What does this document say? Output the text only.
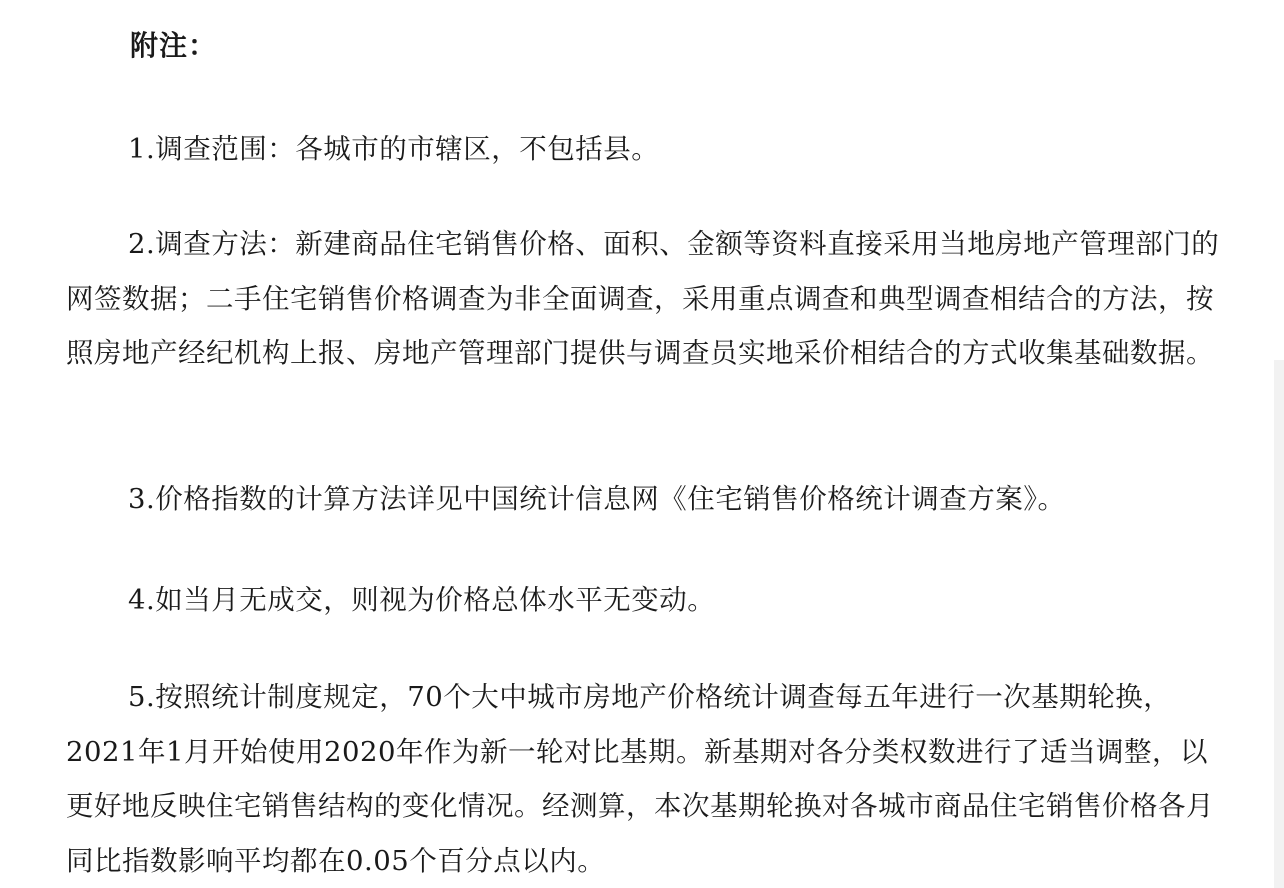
附注：

1.调查范围：各城市的市辖区，不包括县。

2.调查方法：新建商品住宅销售价格、面积、金额等资料直接采用当地房地产管理部门的网签数据；二手住宅销售价格调查为非全面调查，采用重点调查和典型调查相结合的方法，按照房地产经纪机构上报、房地产管理部门提供与调查员实地采价相结合的方式收集基础数据。

3.价格指数的计算方法详见中国统计信息网《住宅销售价格统计调查方案》。

4.如当月无成交，则视为价格总体水平无变动。

5.按照统计制度规定，70个大中城市房地产价格统计调查每五年进行一次基期轮换，2021年1月开始使用2020年作为新一轮对比基期。新基期对各分类权数进行了适当调整，以更好地反映住宅销售结构的变化情况。经测算，本次基期轮换对各城市商品住宅销售价格各月同比指数影响平均都在0.05个百分点以内。
